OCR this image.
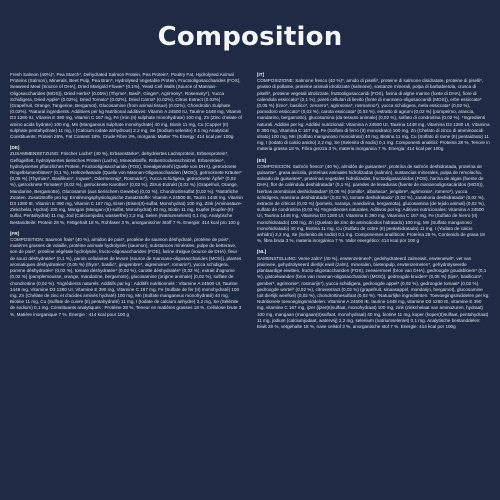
Composition
Fresh Salmon (40%)*, Pea Starch*, Dehydrated Salmon Protein, Pea Protein*, Poultry Fat, Hydrolysed Animal Proteins (Salmon), Minerals, Beet Pulp, Pea Bran*, Hydrolysed Vegetable Protein, Fructooligosaccharides (FOS), Seaweed Meal (Source of DHA), Dried Marigold Flower* (0.1%), Yeast Cell Walls (Source of Mannan-Oligosaccharides (MOS)), Dried Herbs* (0.05%) (Thyme*, Basil*, Ginger*, Agrimony*, Rosemary*), Yucca Schidigera, Dried Apple* (0.02%), Dried Tomato* (0.02%), Dried Carrot* (0.02%), Citrus Extract (0.02%) (Grapefruit, Orange, Tangerine, Bergamot), Glucosamine (from animal tissue) (0.02%), Chondroitin Sulphate (0.02%). *Natural ingredients. Additives per kg Nutritional additives: Vitamin A 24500 IU, Taurine 1448 mg, Vitamin D3 1280 IU, Vitamin E 390 mg, Vitamin C 167 mg, Fe (Iron (II) sulphate monohydrate) 100 mg, Zn (Zinc chelate of amino acids hydrate) 100 mg, Mn (Manganous sulphate monohydrate) 40 mg, Biotin 11 mg, Cu (Copper (II) sulphate pentahydrate) 11 mg, I (Calcium iodate anhydrous) 2.2 mg, Se (Sodium selenite) 0.1 mg Analytical Constituents: Protein 28%, Fat Content 18%, Crude Fibre 3%, Inorganic Matter 7% Energy: 414 kcal per 100g
[DE]
ZUSAMMENSETZUNG: Frischer Lachs* (40 %), Erbsenstärke*, dehydriertes Lachsprotein, Erbsenprotein*, Geflügelfett, hydrolysiertes tierisches Protein (Lachs), Mineralstoffe, Rübentrockenschnitzel, Erbsenkleie*, hydrolysiertes pflanzliches Protein, Fructooligosaccharide (FOS), Seealgenmehl (Quelle von DHA), getrocknete Ringelblumenblüten* (0,1 %), Hefezellwände (Quelle von Mannan-Oligosacchariden (MOS)), getrocknete Kräuter* (0,05 %) (Thymian*, Basilikum*, Ingwer*, Odermennig*, Rosmarin*), Yucca schidigera, getrocknete Äpfel* (0,02 %), getrocknete Tomaten* (0,02 %), getrocknete Karotten* (0,02 %), Zitrus-Extrakt (0,02 %) (Grapefruit, Orange, Mandarine, Bergamotte), Glucosamin (aus tierischem Gewebe) (0,02 %), Chondroitinsulfat (0,02 %). *Natürliche Zutaten. Zusatzstoffe pro kg: Ernährungsphysiologische Zusatzstoffe: Vitamin A 24500 IE, Taurin 1448 mg, Vitamin D3 1280 IE, Vitamin E 390 mg, Vitamin C 167 mg, Eisen (Eisen(II)-sulfat, Monohydrat) 100 mg, Zink (Aminosäure-Zinkchelat, Hydrat) 100 mg, Mangan (Mangan-(II)-sulfat, Monohydrat) 40 mg, Biotin 11 mg, Kupfer (Kupfer-(II)-sulfat, Pentahydrat) 11 mg, Jod (Calciumjodat, wasserfrei) 2,2 mg, Selen (Natriumselenit) 0,1 mg. Analytische Bestandteile: Protein 28 %, Fettgehalt 18 %, Rohfaser 3 %, anorganischer Stoff 7 %. Energie: 414 kcal pro 100 g
[FR]
COMPOSITION: Saumon frais* (40 %), amidon de pois*, protéine de saumon déshydraté, protéine de pois*, matières grasses de volaille, protéine animale hydrolysée (saumon), substances minérales, pulpe de betterave, son de pois*, protéine végétale hydrolysée, fructo-oligosaccharides (FOS), farine d'algue (source de DHA), fleur de souci déshydratée* (0,1 %), parois cellulaires de levure (source de mannane-oligosaccharides (MOS)), plantes aromatiques déshydratées* (0,05 %) (thym*, basilic*, gingembre*, aigremoine*, romarin*), yucca schidigera, pomme déshydratée* (0,02 %), tomate déshydratée* (0,02 %), carotte déshydratée* (0,02 %), extrait d'agrume (0,02 %) (pamplemousse, orange, mandarine, bergamote), glucosamine (origine animale) (0,02 %), sulfate de chondroïtine (0,02 %). *Ingrédients naturels. Additifs par kg : Additifs nutritionnels : Vitamine A 24500 UI, Taurine 1448 mg, Vitamine D3 1280 UI, Vitamine E 390 mg, Vitamine C 167 mg, Fe (Sulfate de fer (II) monohydraté) 100 mg, Zn (Chélate de zinc et d'acides aminés hydraté) 100 mg, Mn (Sulfate manganeux monohydraté) 40 mg, Biotine 11 mg, Cu (Sulfate de cuivre (II) pentahydraté) 11 mg, I (Iodate de calcium anhydre) 2,2 mg, Se (Sélénite de sodium) 0,1 mg. Constituants analytiques : Protéine 28 %, Teneur en matières grasses 18 %, Cellulose brute 3 %, Matière inorganique 7 %. Énergie : 414 kcal pour 100 g
[IT]
COMPOSIZIONE: Salmone fresco (40 %)*, amido di piselli*, proteine di salmone disidratate, proteine di piselli*, grasso di pollame, proteine animali idrolizzate (salmone), sostanze minerali, polpa di barbabietola, crusca di piselli*, proteine vegetali idrolizzate, fruttooligosaccaridi (FOS), farina di alghe marine (fonte di DHA), fiore di calendula essiccato* (0,1 %), pareti cellulari di lievito (fonte di mannano-oligosaccaridi (MOS)), erbe essiccate* (0,05 %) (timo*, basilico*, zenzero*, agrimonia*, rosmarino*), yucca schidigera, mela essiccata* (0,02 %), pomodoro essiccato* (0,02 %), carota essiccata* (0,02 %), estratto di agrumi (0,02 %) (pompelmo, arancia, mandarino, bergamotto), glucosamina (da tessuto animale) (0,02 %), solfato di condroitina (0,02 %). *Ingredienti naturali. Additivi per kg: Additivi nutrizionali: Vitamina A 24500 UI, Taurina 1448 mg, Vitamina D3 1280 UI, Vitamina E 390 mg, Vitamina C 167 mg, Fe (Solfato di ferro (II) monoidrato) 100 mg, Zn (Chelato di zinco di amminoacidi idrato) 100 mg, Mn (Solfato manganoso monoidrato) 40 mg, Biotina 11 mg, Cu (Solfato di rame (II) pentaidrato) 11 mg, I (Iodato di calcio anidro) 2,2 mg, Se (Selenito di sodio) 0,1 mg. Componenti analitici: Proteina 28 %, Tenore in materia grassa 18 %, Fibra grezza 3 %, materia inorganica 7 %. Energia: 414 kcal per 100g
[ES]
COMPOSICIÓN: Salmón fresco* (40 %), almidón de guisantes*, proteína de salmón deshidratada, proteína de guisante*, grasa avícola, proteínas animales hidrolizadas (salmón), sustancias minerales, pulpa de remolacha, salvado de guisantes*, proteínas vegetales hidrolizadas, fructooligosacáridos (FOS), harina de algas (fuente de DHA), flor de caléndula deshidratada* (0,1 %), paredes de levaduras (fuente de mananooligosacáridos (MOS)), hierbas aromáticas deshidratadas* (0,05 %) (tomillo*, albahaca*, jengibre*, agrimonia*, romero*), yucca schidigera, manzana deshidratada* (0,02 %), tomate deshidratado* (0,02 %), zanahoria deshidratada* (0,02 %), extracto de cítricos (0,02 %) (pomelo, naranja, mandarina, bergamota), glucosamina (de tejido animal) (0,02 %), sulfato de condroitina (0,02 %).*Ingredientes naturales. Aditivos por kg: Aditivos nutricionales: Vitamina A 24500 UI, Taurina 1448 mg, Vitamina D3 1280 UI, Vitamina E 390 mg, Vitamina C 167 mg, Fe (Sulfato de hierro (II) monohidratado) 100 mg, Zn (Quelato de zinc de aminoácidos hidratado) 100 mg, Mn (Sulfato manganoso monohidratado) 40 mg, Biotina 11 mg, Cu (Sulfato de cobre (II) pentahidratado) 11 mg, I (Yodato de calcio anhidro) 2,2 mg, Se (Selenito de sodio) 0,1 mg. Componentes analíticos: Proteína 28 %, Contenido de grasa 18 %, fibra bruta 3 %, materia inorgánica 7 %. Valor energético: 414 kcal por 100 g
[NL]
SAMENSTELLING: Verse zalm* (40 %), erwtenzetmeel*, gedehydrateerd zalmeiwit, erwteneiwit*, vet van pluimvee, gehydrolyseerd dierlijk eiwit (zalm), mineralen, bietenpulp, erwtenzemelen*, gehydrolyseerde plantaardige eiwitten, fructo-oligosacchariden (FOS), zeewiermeel (bron van DHA), gedroogde goudsbloem* (0,1 %), gistcelwanden (bron van mannan-oligosacchariden (MOS)), gedroogde kruiden* (0,05 %) (tijm*, basilicum*, gember*, agrimonie*, rosmarijn*), yucca schidigera, gedroogde appel* (0,02 %), gedroogde tomaat* (0,02 %), gedroogde wortel* (0,02 %), citrusextract (0,02 %) (grapefruit, sinaasappel, mandarijn, bergamot), glucosamine (uit dierlijk weefsel) (0,02 %), chondroïtinesulfaat (0,02 %). *Natuurlijke ingrediënten. Toevoegingsmiddelen per kg: Nutritionele toevoegingsmiddelen: Vitamine A 24500 IE, taurine 1448 mg, vitamine D3 1280 IE, vitamine E 390 mg, vitamine C 167 mg, ijzer (ijzer(II)sulfaat, monohydraat) 100 mg, zink (zinkchelaat van aminozuren, hydraat) 100 mg, mangaan (mangaan(II)sulfaat, monohydraat) 40 mg, biotine 11 mg, koper (koper(II)sulfaat, pentahydraat) 11 mg, jodium (calciumjodaat, watervrij) 2,2 mg, selenium (natriumseleniet) 0,1 mg. Analytische bestanddelen: Eiwit 28 %, vetgehalte 18 %, ruwe celstof 3 %, anorganische stof 7 %. Energie: 414 kcal per 100g
